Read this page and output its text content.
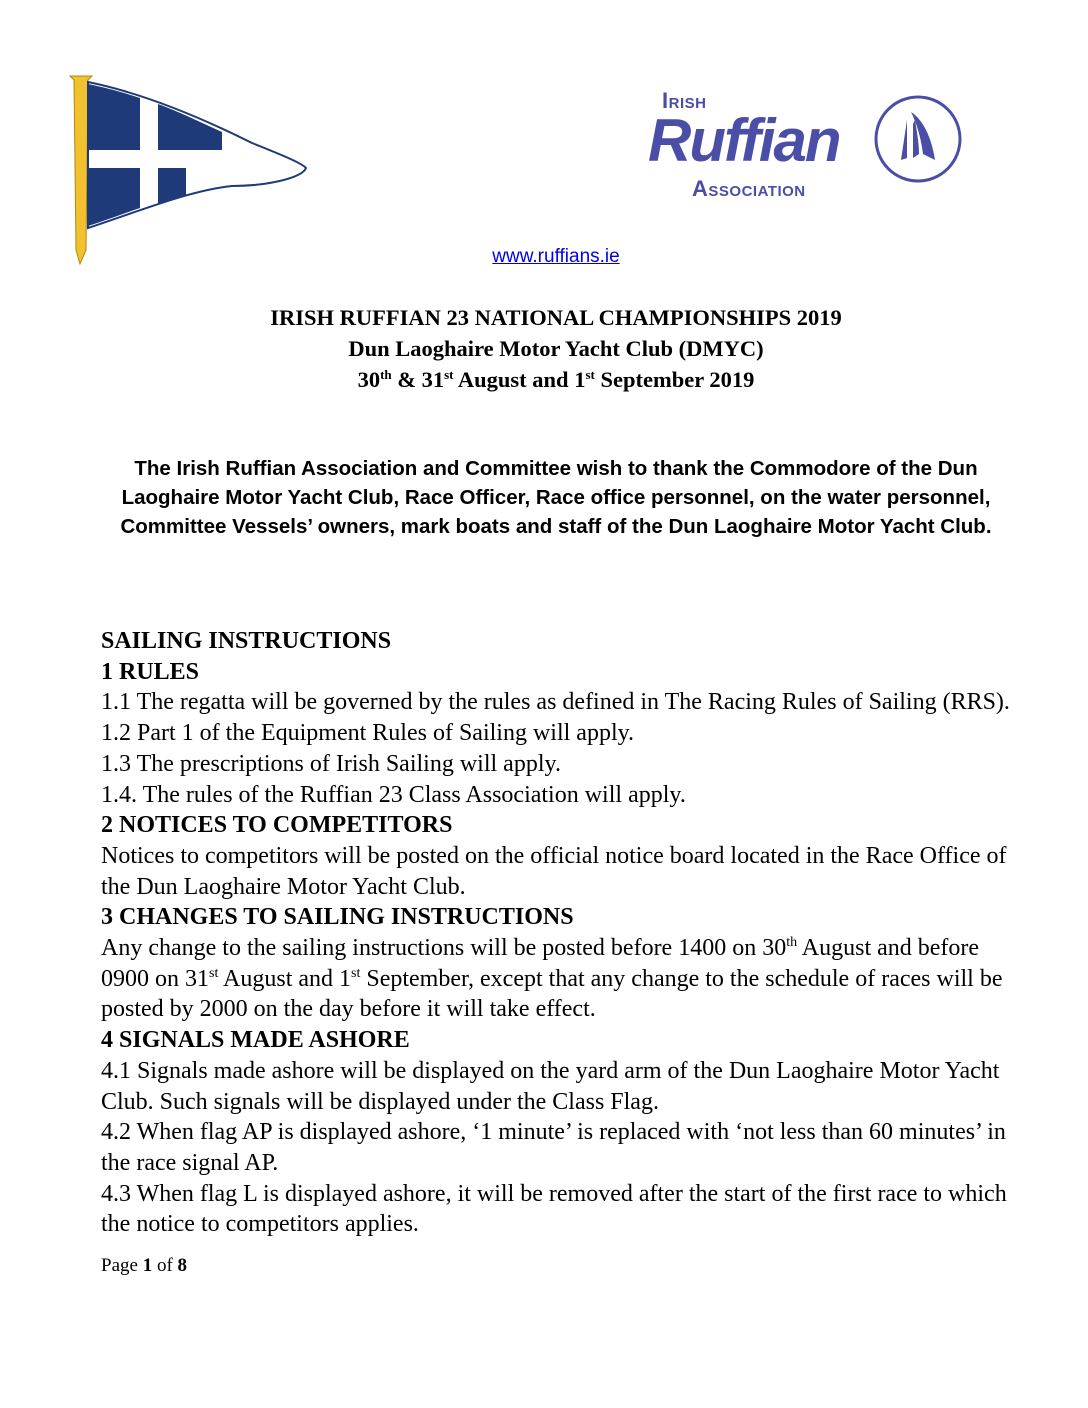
Irish
Ruffian
Association
www.ruffians.ie
IRISH RUFFIAN 23 NATIONAL CHAMPIONSHIPS 2019
Dun Laoghaire Motor Yacht Club (DMYC)
30th & 31st August and 1st September 2019
The Irish Ruffian Association and Committee wish to thank the Commodore of the Dun Laoghaire Motor Yacht Club, Race Officer, Race office personnel, on the water personnel, Committee Vessels’ owners, mark boats and staff of the Dun Laoghaire Motor Yacht Club.

SAILING INSTRUCTIONS

1 RULES

1.1 The regatta will be governed by the rules as defined in The Racing Rules of Sailing (RRS).

1.2 Part 1 of the Equipment Rules of Sailing will apply.

1.3 The prescriptions of Irish Sailing will apply.

1.4. The rules of the Ruffian 23 Class Association will apply.

2 NOTICES TO COMPETITORS

Notices to competitors will be posted on the official notice board located in the Race Office of the Dun Laoghaire Motor Yacht Club.

3 CHANGES TO SAILING INSTRUCTIONS

Any change to the sailing instructions will be posted before 1400 on 30th August and before 0900 on 31st August and 1st September, except that any change to the schedule of races will be posted by 2000 on the day before it will take effect.

4 SIGNALS MADE ASHORE

4.1 Signals made ashore will be displayed on the yard arm of the Dun Laoghaire Motor Yacht Club. Such signals will be displayed under the Class Flag.

4.2 When flag AP is displayed ashore, ‘1 minute’ is replaced with ‘not less than 60 minutes’ in the race signal AP.

4.3 When flag L is displayed ashore, it will be removed after the start of the first race to which the notice to competitors applies.

Page 1 of 8
